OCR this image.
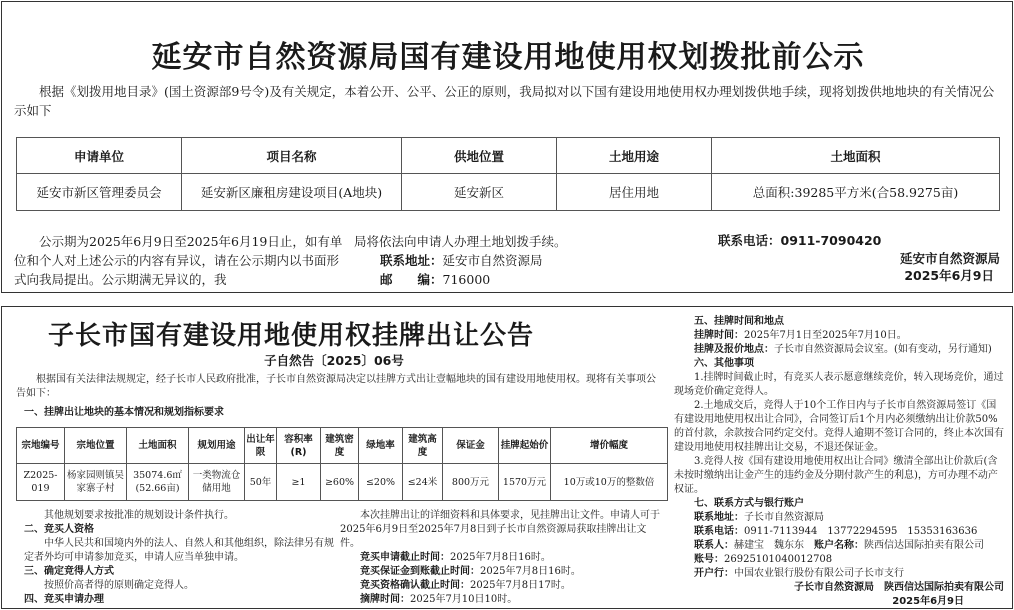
延安市自然资源局国有建设用地使用权划拨批前公示
根据《划拨用地目录》(国土资源部9号令)及有关规定，本着公开、公平、公正的原则，我局拟对以下国有建设用地使用权办理划拨供地手续，现将划拨供地地块的有关情况公示如下
申请单位	项目名称	供地位置	土地用途	土地面积
延安市新区管理委员会	延安新区廉租房建设项目(A地块)	延安新区	居住用地	总面积:39285平方米(合58.9275亩)
公示期为2025年6月9日至2025年6月19日止，如有单位和个人对上述公示的内容有异议，请在公示期内以书面形式向我局提出。公示期满无异议的，我
局将依法向申请人办理土地划拨手续。
联系地址：延安市自然资源局
邮　　编：716000
联系电话：0911-7090420
延安市自然资源局
2025年6月9日
子长市国有建设用地使用权挂牌出让公告
子自然告〔2025〕06号
根据国有关法律法规规定，经子长市人民政府批准，子长市自然资源局决定以挂牌方式出让壹幅地块的国有建设用地使用权。现将有关事项公告如下：
一、挂牌出让地块的基本情况和规划指标要求
宗地编号	宗地位置	土地面积	规划用途	出让年限	容积率(R)	建筑密度	绿地率	建筑高度	保证金	挂牌起始价	增价幅度
Z2025-019	杨家园则镇吴家寨子村	35074.6㎡(52.66亩)	一类物流仓储用地	50年	≥1	≥60%	≤20%	≤24米	800万元	1570万元	10万或10万的整数倍
其他规划要求按批准的规划设计条件执行。
二、竞买人资格
中华人民共和国境内外的法人、自然人和其他组织，除法律另有规定者外均可申请参加竞买，申请人应当单独申请。
三、确定竞得人方式
按照价高者得的原则确定竞得人。
四、竞买申请办理
本次挂牌出让的详细资料和具体要求，见挂牌出让文件。申请人可于2025年6月9日至2025年7月8日到子长市自然资源局获取挂牌出让文件。
竞买申请截止时间：2025年7月8日16时。
竞买保证金到账截止时间：2025年7月8日16时。
竞买资格确认截止时间：2025年7月8日17时。
摘牌时间：2025年7月10日10时。
五、挂牌时间和地点
挂牌时间：2025年7月1日至2025年7月10日。
挂牌及报价地点：子长市自然资源局会议室。(如有变动，另行通知)
六、其他事项
1.挂牌时间截止时，有竞买人表示愿意继续竞价，转入现场竞价，通过现场竞价确定竞得人。
2.土地成交后，竞得人于10个工作日内与子长市自然资源局签订《国有建设用地使用权出让合同》，合同签订后1个月内必须缴纳出让价款50%的首付款，余款按合同约定交付。竞得人逾期不签订合同的，终止本次国有建设用地使用权挂牌出让交易，不退还保证金。
3.竞得人按《国有建设用地使用权出让合同》缴清全部出让价款后(含未按时缴纳出让金产生的违约金及分期付款产生的利息)，方可办理不动产权证。
七、联系方式与银行账户
联系地址：子长市自然资源局
联系电话：0911-7113944　13772294595　15353163636
联系人：赫建宝　魏东东　 账户名称：陕西信达国际拍卖有限公司
账号：26925101040012708
开户行：中国农业银行股份有限公司子长市支行
子长市自然资源局　陕西信达国际拍卖有限公司
2025年6月9日
